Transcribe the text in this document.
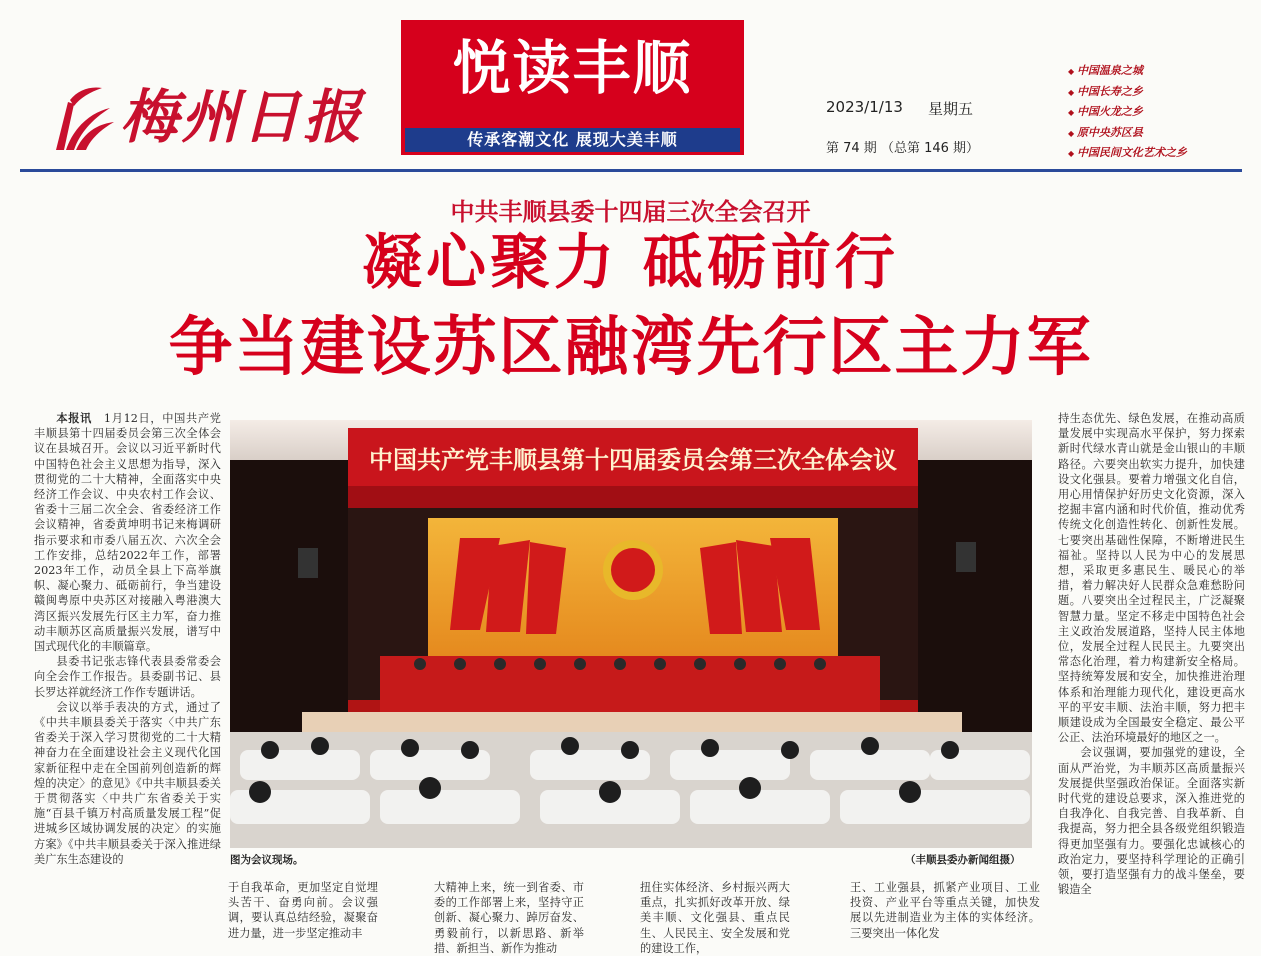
梅州日报
悦读丰顺
传承客潮文化 展现大美丰顺
2023/1/13 星期五
第 74 期 （总第 146 期）
◆ 中国温泉之城
◆ 中国长寿之乡
◆ 中国火龙之乡
◆ 原中央苏区县
◆ 中国民间文化艺术之乡
中共丰顺县委十四届三次全会召开
凝心聚力 砥砺前行
争当建设苏区融湾先行区主力军

本报讯　 1月12日，中国共产党丰顺县第十四届委员会第三次全体会议在县城召开。会议以习近平新时代中国特色社会主义思想为指导，深入贯彻党的二十大精神，全面落实中央经济工作会议、中央农村工作会议、省委十三届二次全会、省委经济工作会议精神，省委黄坤明书记来梅调研指示要求和市委八届五次、六次全会工作安排，总结2022年工作，部署2023年工作，动员全县上下高举旗帜、凝心聚力、砥砺前行，争当建设赣闽粤原中央苏区对接融入粤港澳大湾区振兴发展先行区主力军，奋力推动丰顺苏区高质量振兴发展，谱写中国式现代化的丰顺篇章。

县委书记张志锋代表县委常委会向全会作工作报告。县委副书记、县长罗达祥就经济工作作专题讲话。

会议以举手表决的方式，通过了《中共丰顺县委关于落实〈中共广东省委关于深入学习贯彻党的二十大精神奋力在全面建设社会主义现代化国家新征程中走在全国前列创造新的辉煌的决定〉的意见》《中共丰顺县委关于贯彻落实〈中共广东省委关于实施“百县千镇万村高质量发展工程”促进城乡区域协调发展的决定〉的实施方案》《中共丰顺县委关于深入推进绿美广东生态建设的

中国共产党丰顺县第十四届委员会第三次全体会议
图为会议现场。	（丰顺县委办新闻组摄）

于自我革命，更加坚定自觉埋头苦干、奋勇向前。会议强调，要认真总结经验，凝聚奋进力量，进一步坚定推动丰

大精神上来，统一到省委、市委的工作部署上来，坚持守正创新、凝心聚力、踔厉奋发、勇毅前行，以新思路、新举措、新担当、新作为推动

扭住实体经济、乡村振兴两大重点，扎实抓好改革开放、绿美丰顺、文化强县、重点民生、人民民主、安全发展和党的建设工作，

王、工业强县，抓紧产业项目、工业投资、产业平台等重点关键，加快发展以先进制造业为主体的实体经济。三要突出一体化发

持生态优先、绿色发展，在推动高质量发展中实现高水平保护，努力探索新时代绿水青山就是金山银山的丰顺路径。六要突出软实力提升，加快建设文化强县。要着力增强文化自信，用心用情保护好历史文化资源，深入挖掘丰富内涵和时代价值，推动优秀传统文化创造性转化、创新性发展。七要突出基础性保障，不断增进民生福祉。坚持以人民为中心的发展思想，采取更多惠民生、暖民心的举措，着力解决好人民群众急难愁盼问题。八要突出全过程民主，广泛凝聚智慧力量。坚定不移走中国特色社会主义政治发展道路，坚持人民主体地位，发展全过程人民民主。九要突出常态化治理，着力构建新安全格局。坚持统筹发展和安全，加快推进治理体系和治理能力现代化，建设更高水平的平安丰顺、法治丰顺，努力把丰顺建设成为全国最安全稳定、最公平公正、法治环境最好的地区之一。

会议强调，要加强党的建设，全面从严治党，为丰顺苏区高质量振兴发展提供坚强政治保证。全面落实新时代党的建设总要求，深入推进党的自我净化、自我完善、自我革新、自我提高，努力把全县各级党组织锻造得更加坚强有力。要强化忠诚核心的政治定力，要坚持科学理论的正确引领，要打造坚强有力的战斗堡垒，要锻造全
